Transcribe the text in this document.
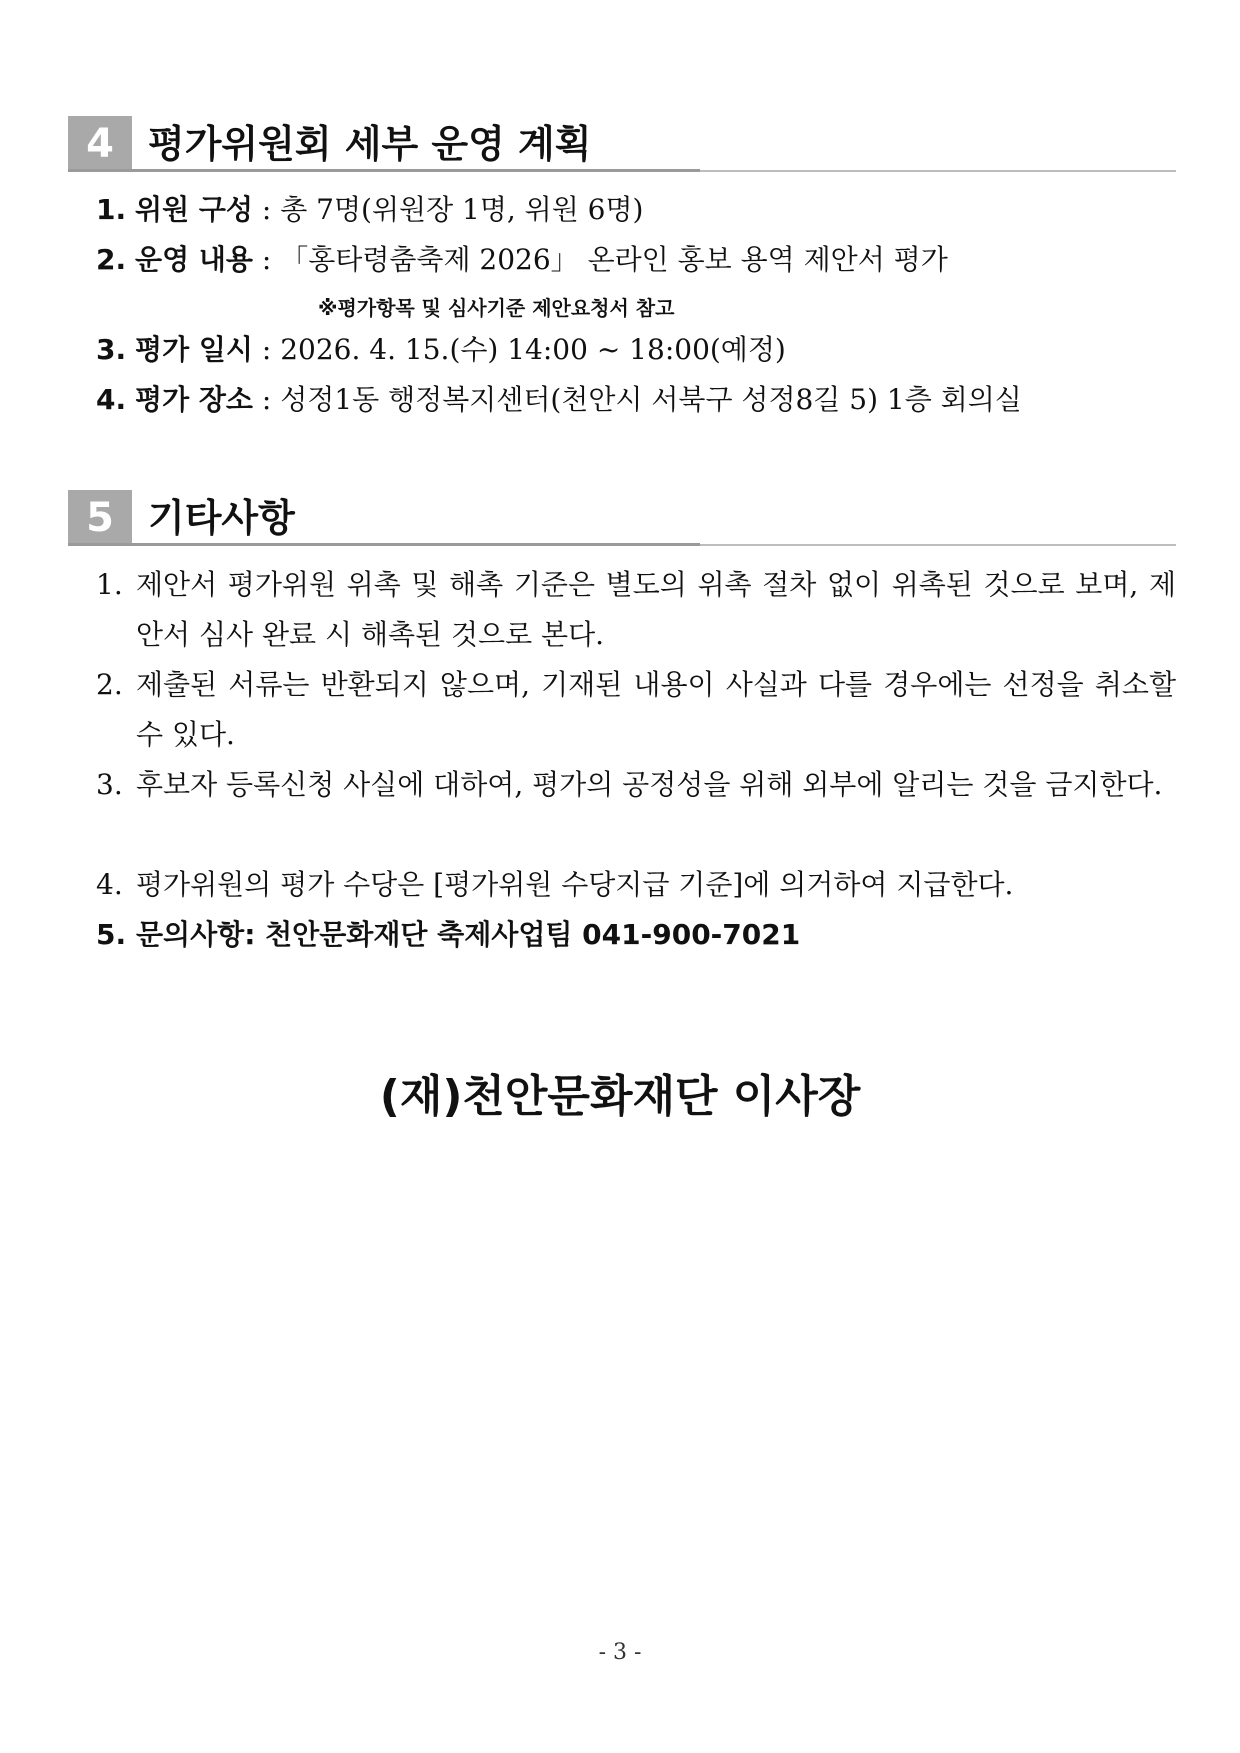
4 평가위원회 세부 운영 계획
1. 위원 구성 : 총 7명(위원장 1명, 위원 6명)
2. 운영 내용 : 「홍타령춤축제 2026」 온라인 홍보 용역 제안서 평가
※평가항목 및 심사기준 제안요청서 참고
3. 평가 일시 : 2026. 4. 15.(수) 14:00 ~ 18:00(예정)
4. 평가 장소 : 성정1동 행정복지센터(천안시 서북구 성정8길 5) 1층 회의실
5 기타사항
1. 제안서 평가위원 위촉 및 해촉 기준은 별도의 위촉 절차 없이 위촉된 것으로 보며, 제안서 심사 완료 시 해촉된 것으로 본다.
2. 제출된 서류는 반환되지 않으며, 기재된 내용이 사실과 다를 경우에는 선정을 취소할 수 있다.
3. 후보자 등록신청 사실에 대하여, 평가의 공정성을 위해 외부에 알리는 것을 금지한다.
4. 평가위원의 평가 수당은 [평가위원 수당지급 기준]에 의거하여 지급한다.
5. 문의사항: 천안문화재단 축제사업팀 041-900-7021
(재)천안문화재단 이사장
- 3 -
